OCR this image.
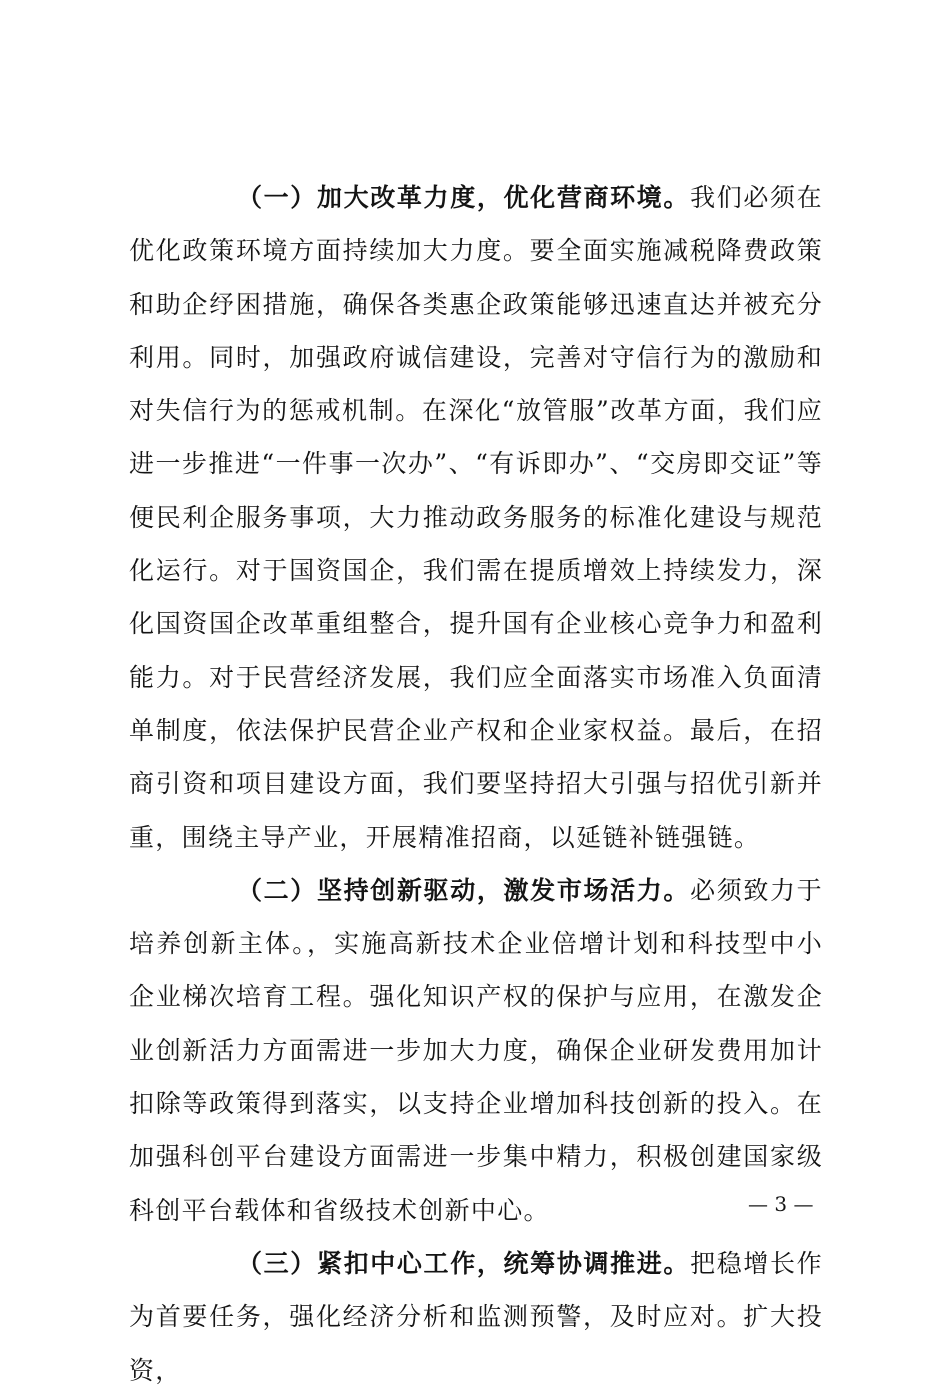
（一）加大改革力度，优化营商环境。我们必须在优化政策环境方面持续加大力度。要全面实施减税降费政策和助企纾困措施，确保各类惠企政策能够迅速直达并被充分利用。同时，加强政府诚信建设，完善对守信行为的激励和对失信行为的惩戒机制。在深化“放管服”改革方面，我们应进一步推进“一件事一次办”、“有诉即办”、“交房即交证”等便民利企服务事项，大力推动政务服务的标准化建设与规范化运行。对于国资国企，我们需在提质增效上持续发力，深化国资国企改革重组整合，提升国有企业核心竞争力和盈利能力。对于民营经济发展，我们应全面落实市场准入负面清单制度，依法保护民营企业产权和企业家权益。最后，在招商引资和项目建设方面，我们要坚持招大引强与招优引新并重，围绕主导产业，开展精准招商，以延链补链强链。

（二）坚持创新驱动，激发市场活力。必须致力于培养创新主体。，实施高新技术企业倍增计划和科技型中小企业梯次培育工程。强化知识产权的保护与应用，在激发企业创新活力方面需进一步加大力度，确保企业研发费用加计扣除等政策得到落实，以支持企业增加科技创新的投入。在加强科创平台建设方面需进一步集中精力，积极创建国家级科创平台载体和省级技术创新中心。

（三）紧扣中心工作，统筹协调推进。把稳增长作为首要任务，强化经济分析和监测预警，及时应对。扩大投资，

— 3 —
